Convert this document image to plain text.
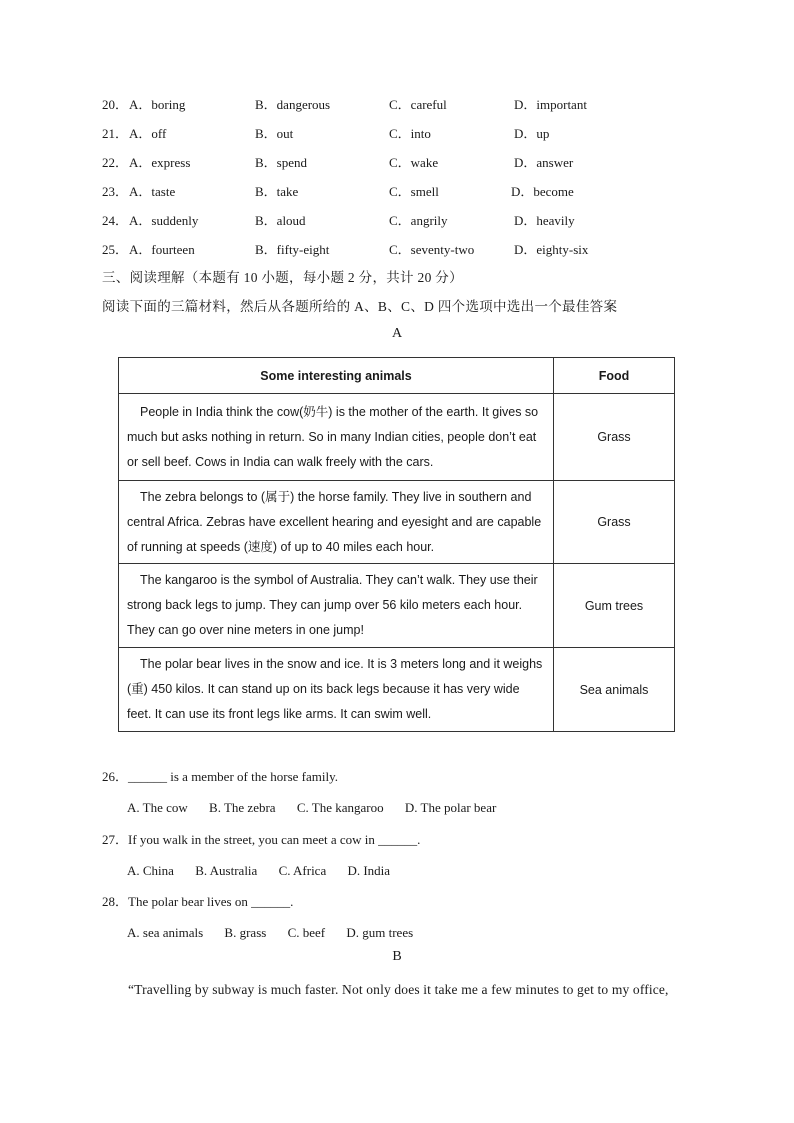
20． A．boring	B．dangerous	C．careful	D．important
21． A．off	B．out	C．into	D．up
22． A．express	B．spend	C．wake	D．answer
23． A．taste	B．take	C．smell	D．become
24． A．suddenly	B．aloud	C．angrily	D．heavily
25． A．fourteen	B．fifty-eight	C．seventy-two	D．eighty-six
三、阅读理解（本题有 10 小题，每小题 2 分，共计 20 分）
阅读下面的三篇材料，然后从各题所给的 A、B、C、D 四个选项中选出一个最佳答案
A
Some interesting animals	Food

People in India think the cow(奶牛) is the mother of the earth. It gives so much but asks nothing in return. So in many Indian cities, people don’t eat or sell beef. Cows in India can walk freely with the cars.	Grass

The zebra belongs to (属于) the horse family. They live in southern and central Africa. Zebras have excellent hearing and eyesight and are capable of running at speeds (速度) of up to 40 miles each hour.	Grass

The kangaroo is the symbol of Australia. They can’t walk. They use their strong back legs to jump. They can jump over 56 kilo meters each hour. They can go over nine meters in one jump!	Gum trees

The polar bear lives in the snow and ice. It is 3 meters long and it weighs (重) 450 kilos. It can stand up on its back legs because it has very wide feet. It can use its front legs like arms. It can swim well.	Sea animals
26．______ is a member of the horse family.
A. The cow B. The zebra C. The kangaroo D. The polar bear
27．If you walk in the street, you can meet a cow in ______.
A. China B. Australia C. Africa D. India
28．The polar bear lives on ______.
A. sea animals B. grass C. beef D. gum trees
B
“Travelling by subway is much faster. Not only does it take me a few minutes to get to my office,
